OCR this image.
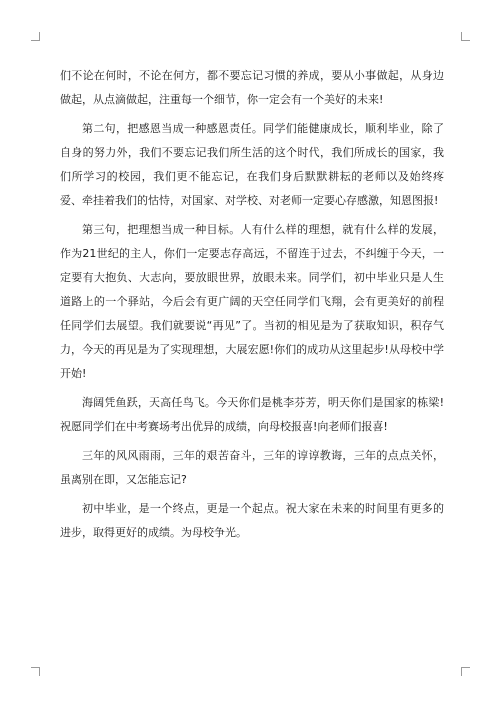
们不论在何时，不论在何方，都不要忘记习惯的养成，要从小事做起，从身边做起，从点滴做起，注重每一个细节，你一定会有一个美好的未来!

第二句，把感恩当成一种感恩责任。同学们能健康成长，顺利毕业，除了自身的努力外，我们不要忘记我们所生活的这个时代，我们所成长的国家，我们所学习的校园，我们更不能忘记，在我们身后默默耕耘的老师以及始终疼爱、牵挂着我们的怙恃，对国家、对学校、对老师一定要心存感激，知恩图报!

第三句，把理想当成一种目标。人有什么样的理想，就有什么样的发展，作为21世纪的主人，你们一定要志存高远，不留连于过去，不纠缠于今天，一定要有大抱负、大志向，要放眼世界，放眼未来。同学们，初中毕业只是人生道路上的一个驿站，今后会有更广阔的天空任同学们飞翔，会有更美好的前程任同学们去展望。我们就要说“再见”了。当初的相见是为了获取知识，积存气力，今天的再见是为了实现理想，大展宏愿!你们的成功从这里起步!从母校中学开始!

海阔凭鱼跃，天高任鸟飞。今天你们是桃李芬芳，明天你们是国家的栋梁!祝愿同学们在中考赛场考出优异的成绩，向母校报喜!向老师们报喜!

三年的风风雨雨，三年的艰苦奋斗，三年的谆谆教诲，三年的点点关怀，虽离别在即，又怎能忘记?

初中毕业，是一个终点，更是一个起点。祝大家在未来的时间里有更多的进步，取得更好的成绩。为母校争光。
